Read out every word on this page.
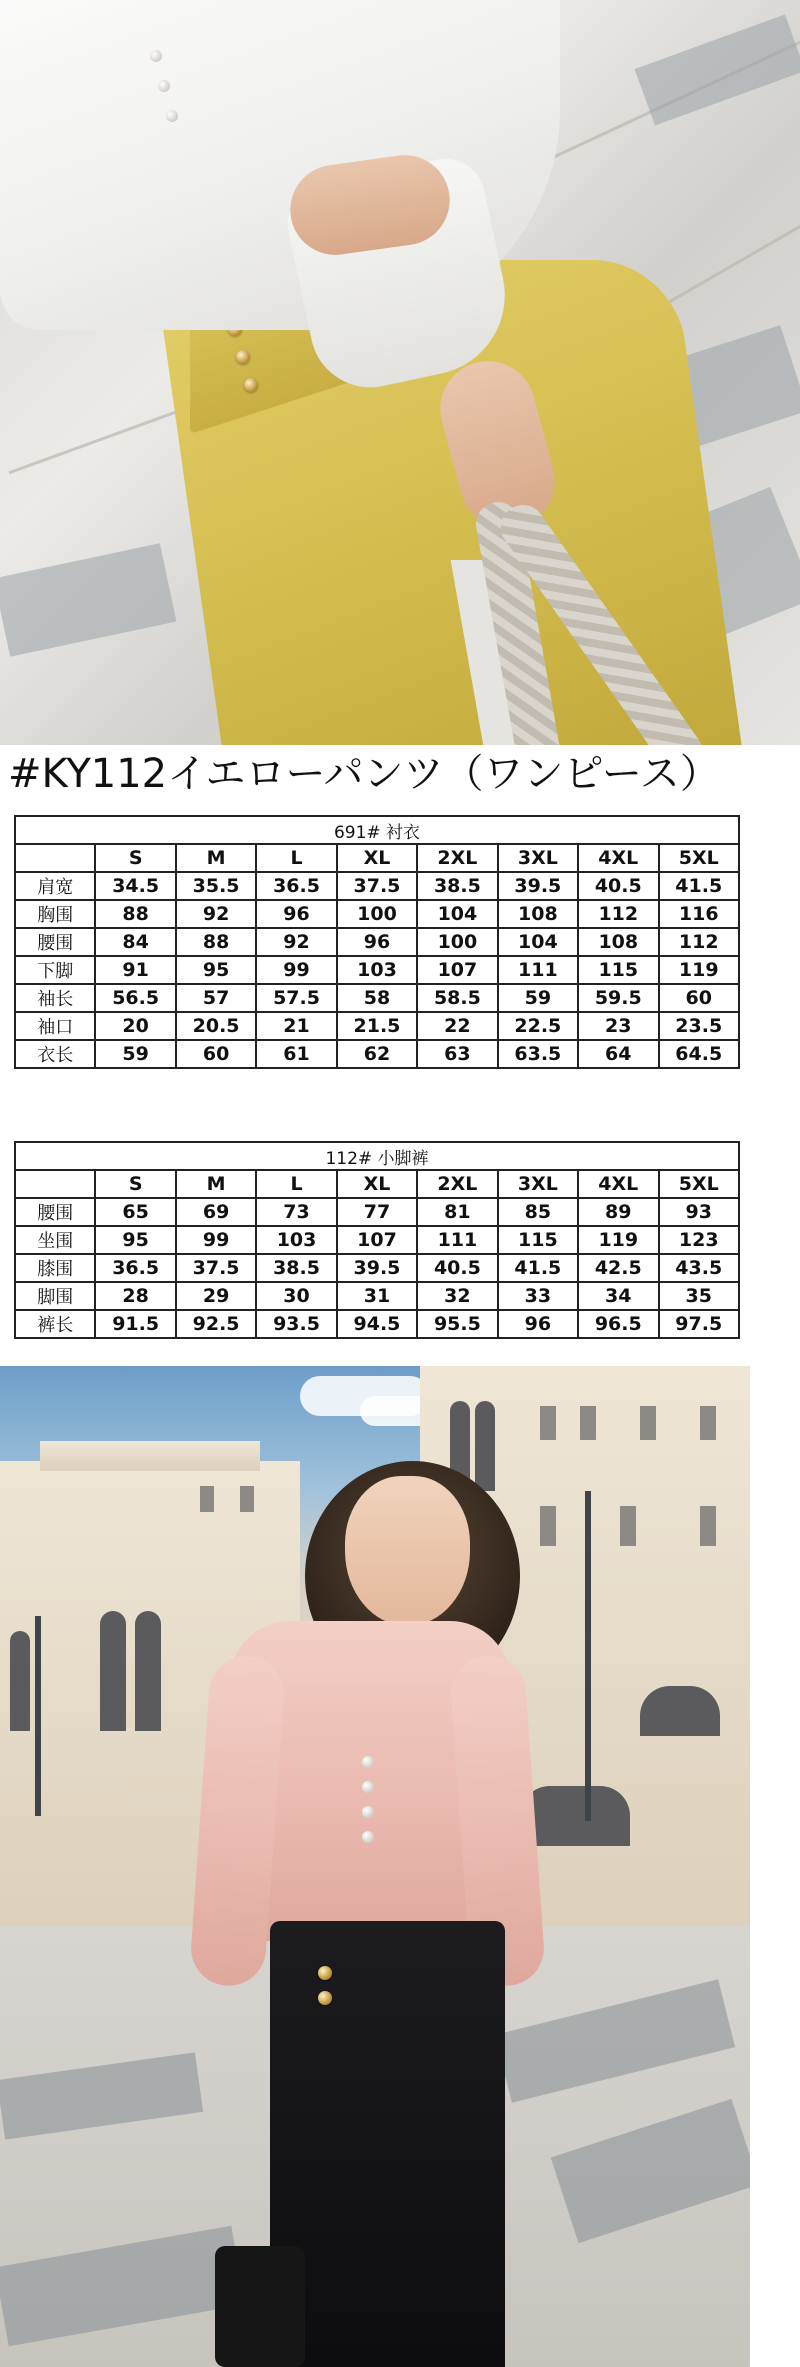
#KY112イエローパンツ（ワンピース）
691# 衬衣								
	S	M	L	XL	2XL	3XL	4XL	5XL
肩宽	34.5	35.5	36.5	37.5	38.5	39.5	40.5	41.5
胸围	88	92	96	100	104	108	112	116
腰围	84	88	92	96	100	104	108	112
下脚	91	95	99	103	107	111	115	119
袖长	56.5	57	57.5	58	58.5	59	59.5	60
袖口	20	20.5	21	21.5	22	22.5	23	23.5
衣长	59	60	61	62	63	63.5	64	64.5
112# 小脚裤								
	S	M	L	XL	2XL	3XL	4XL	5XL
腰围	65	69	73	77	81	85	89	93
坐围	95	99	103	107	111	115	119	123
膝围	36.5	37.5	38.5	39.5	40.5	41.5	42.5	43.5
脚围	28	29	30	31	32	33	34	35
裤长	91.5	92.5	93.5	94.5	95.5	96	96.5	97.5
